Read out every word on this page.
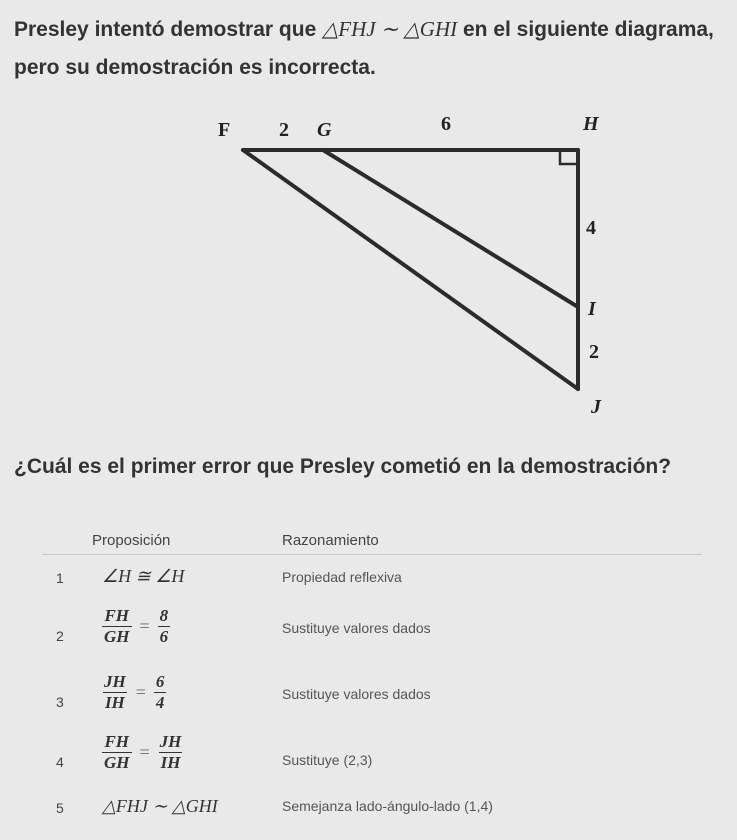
Presley intentó demostrar que △FHJ ∼ △GHI en el siguiente diagrama, pero su demostración es incorrecta.
F 2 G	6	H
4
I
2
J
¿Cuál es el primer error que Presley cometió en la demostración?
Proposición	Razonamiento
1 ∠H ≅ ∠H	Propiedad reflexiva
$2 \frac{FH}{GH} = \frac{8}{6}$	Sustituye valores dados
$3 \frac{JH}{IH} = \frac{6}{4}$	Sustituye valores dados
$4 \frac{FH}{GH} = \frac{JH}{IH}$	Sustituye (2,3)
5 △FHJ ∼ △GHI	Semejanza lado-ángulo-lado (1,4)
